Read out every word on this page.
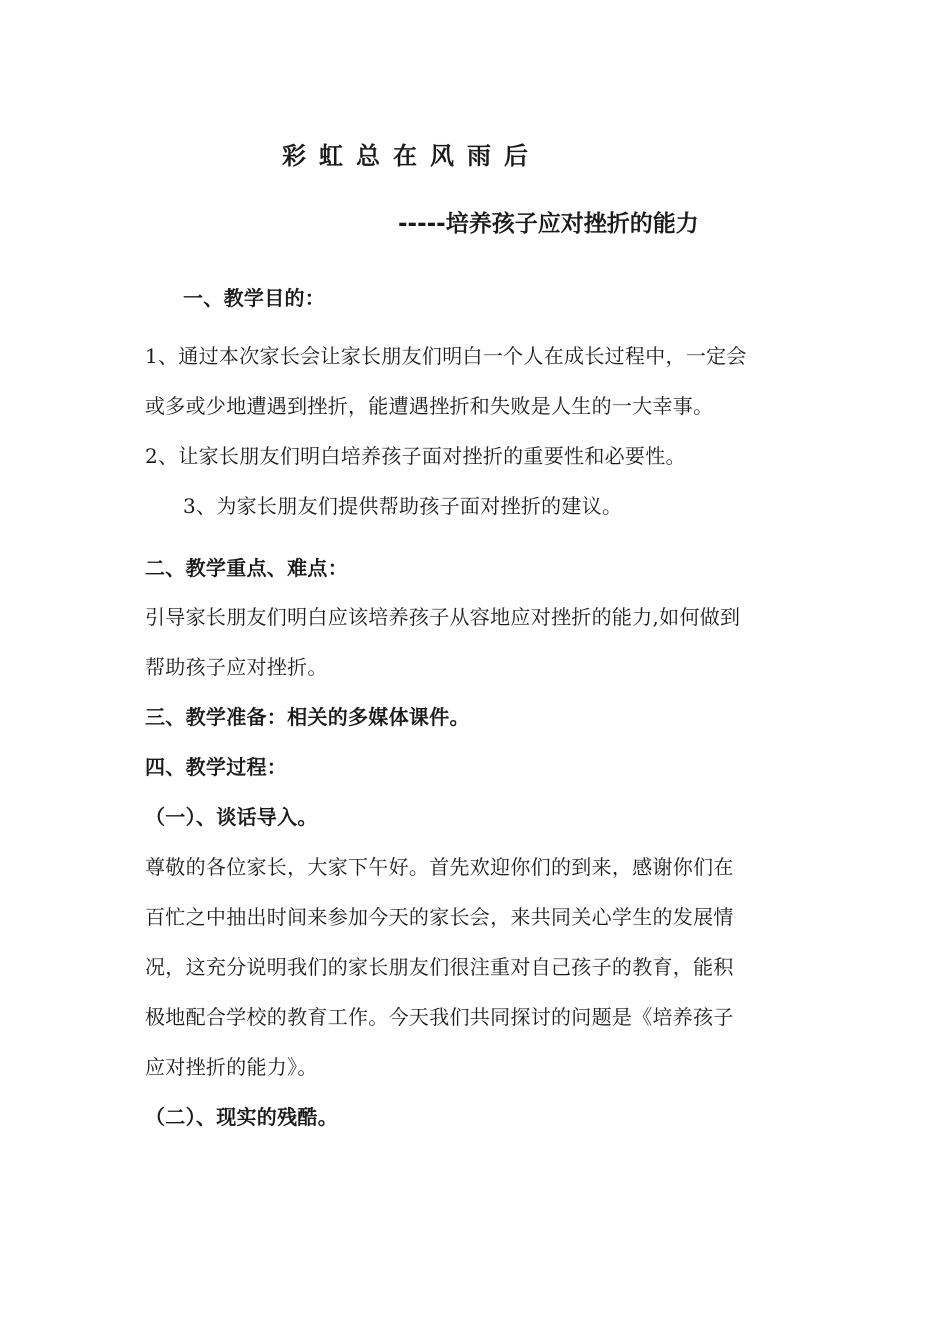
彩虹总在风雨后
-----培养孩子应对挫折的能力
一、教学目的：
1、通过本次家长会让家长朋友们明白一个人在成长过程中，一定会
或多或少地遭遇到挫折，能遭遇挫折和失败是人生的一大幸事。
2、让家长朋友们明白培养孩子面对挫折的重要性和必要性。
3、为家长朋友们提供帮助孩子面对挫折的建议。
二、教学重点、难点：
引导家长朋友们明白应该培养孩子从容地应对挫折的能力,如何做到
帮助孩子应对挫折。
三、教学准备：相关的多媒体课件。
四、教学过程：
（一）、谈话导入。
尊敬的各位家长，大家下午好。首先欢迎你们的到来，感谢你们在
百忙之中抽出时间来参加今天的家长会，来共同关心学生的发展情
况，这充分说明我们的家长朋友们很注重对自己孩子的教育，能积
极地配合学校的教育工作。今天我们共同探讨的问题是《培养孩子
应对挫折的能力》。
（二）、现实的残酷。
